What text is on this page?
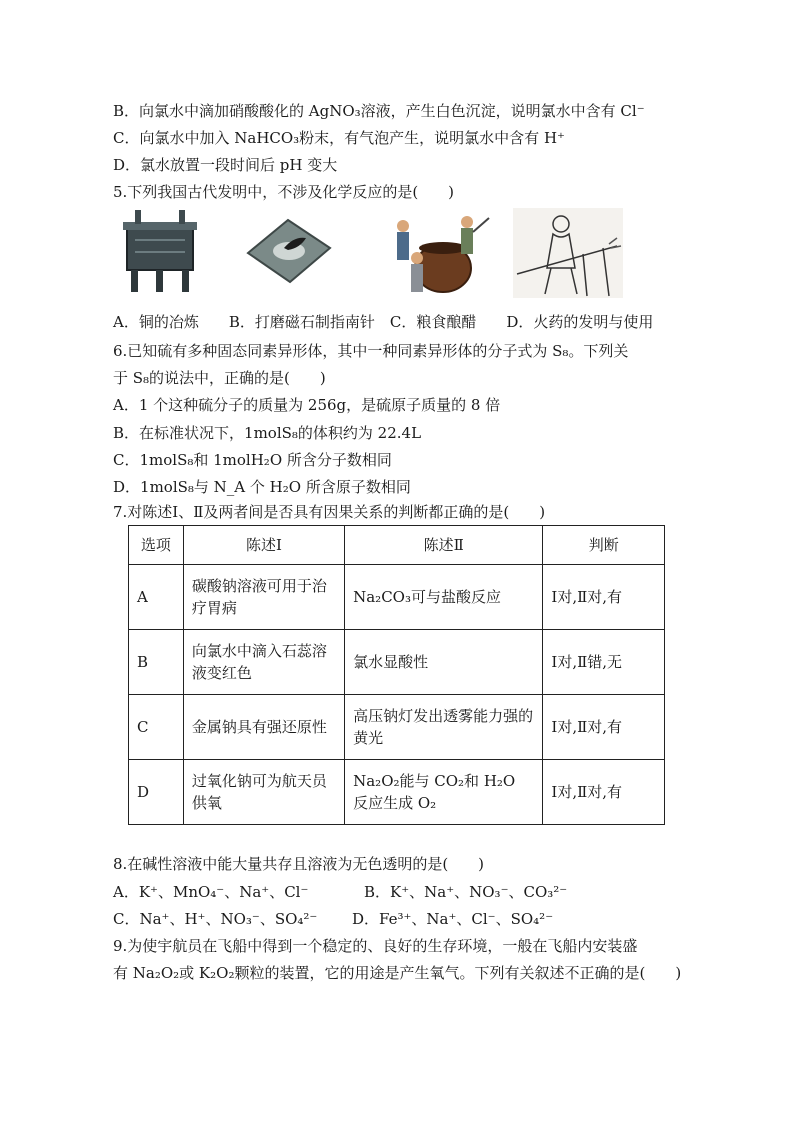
B．向氯水中滴加硝酸酸化的 AgNO₃溶液，产生白色沉淀，说明氯水中含有 Cl⁻
C．向氯水中加入 NaHCO₃粉末，有气泡产生，说明氯水中含有 H⁺
D．氯水放置一段时间后 pH 变大
5.下列我国古代发明中，不涉及化学反应的是(　　)
A．铜的冶炼　　B．打磨磁石制指南针　C．粮食酿醋　　D．火药的发明与使用
6.已知硫有多种固态同素异形体，其中一种同素异形体的分子式为 S₈。下列关
于 S₈的说法中，正确的是(　　)
A．1 个这种硫分子的质量为 256g，是硫原子质量的 8 倍
B．在标准状况下，1molS₈的体积约为 22.4L
C．1molS₈和 1molH₂O 所含分子数相同
D．1molS₈与 N_A 个 H₂O 所含原子数相同
7.对陈述Ⅰ、Ⅱ及两者间是否具有因果关系的判断都正确的是(　　)
选项	陈述Ⅰ	陈述Ⅱ	判断
A	碳酸钠溶液可用于治疗胃病	Na₂CO₃可与盐酸反应	Ⅰ对,Ⅱ对,有
B	向氯水中滴入石蕊溶液变红色	氯水显酸性	Ⅰ对,Ⅱ错,无
C	金属钠具有强还原性	高压钠灯发出透雾能力强的黄光	Ⅰ对,Ⅱ对,有
D	过氧化钠可为航天员供氧	Na₂O₂能与 CO₂和 H₂O 反应生成 O₂	Ⅰ对,Ⅱ对,有
8.在碱性溶液中能大量共存且溶液为无色透明的是(　　)
A．K⁺、MnO₄⁻、Na⁺、Cl⁻	B．K⁺、Na⁺、NO₃⁻、CO₃²⁻
C．Na⁺、H⁺、NO₃⁻、SO₄²⁻ D．Fe³⁺、Na⁺、Cl⁻、SO₄²⁻
9.为使宇航员在飞船中得到一个稳定的、良好的生存环境，一般在飞船内安装盛
有 Na₂O₂或 K₂O₂颗粒的装置，它的用途是产生氧气。下列有关叙述不正确的是(　　)
